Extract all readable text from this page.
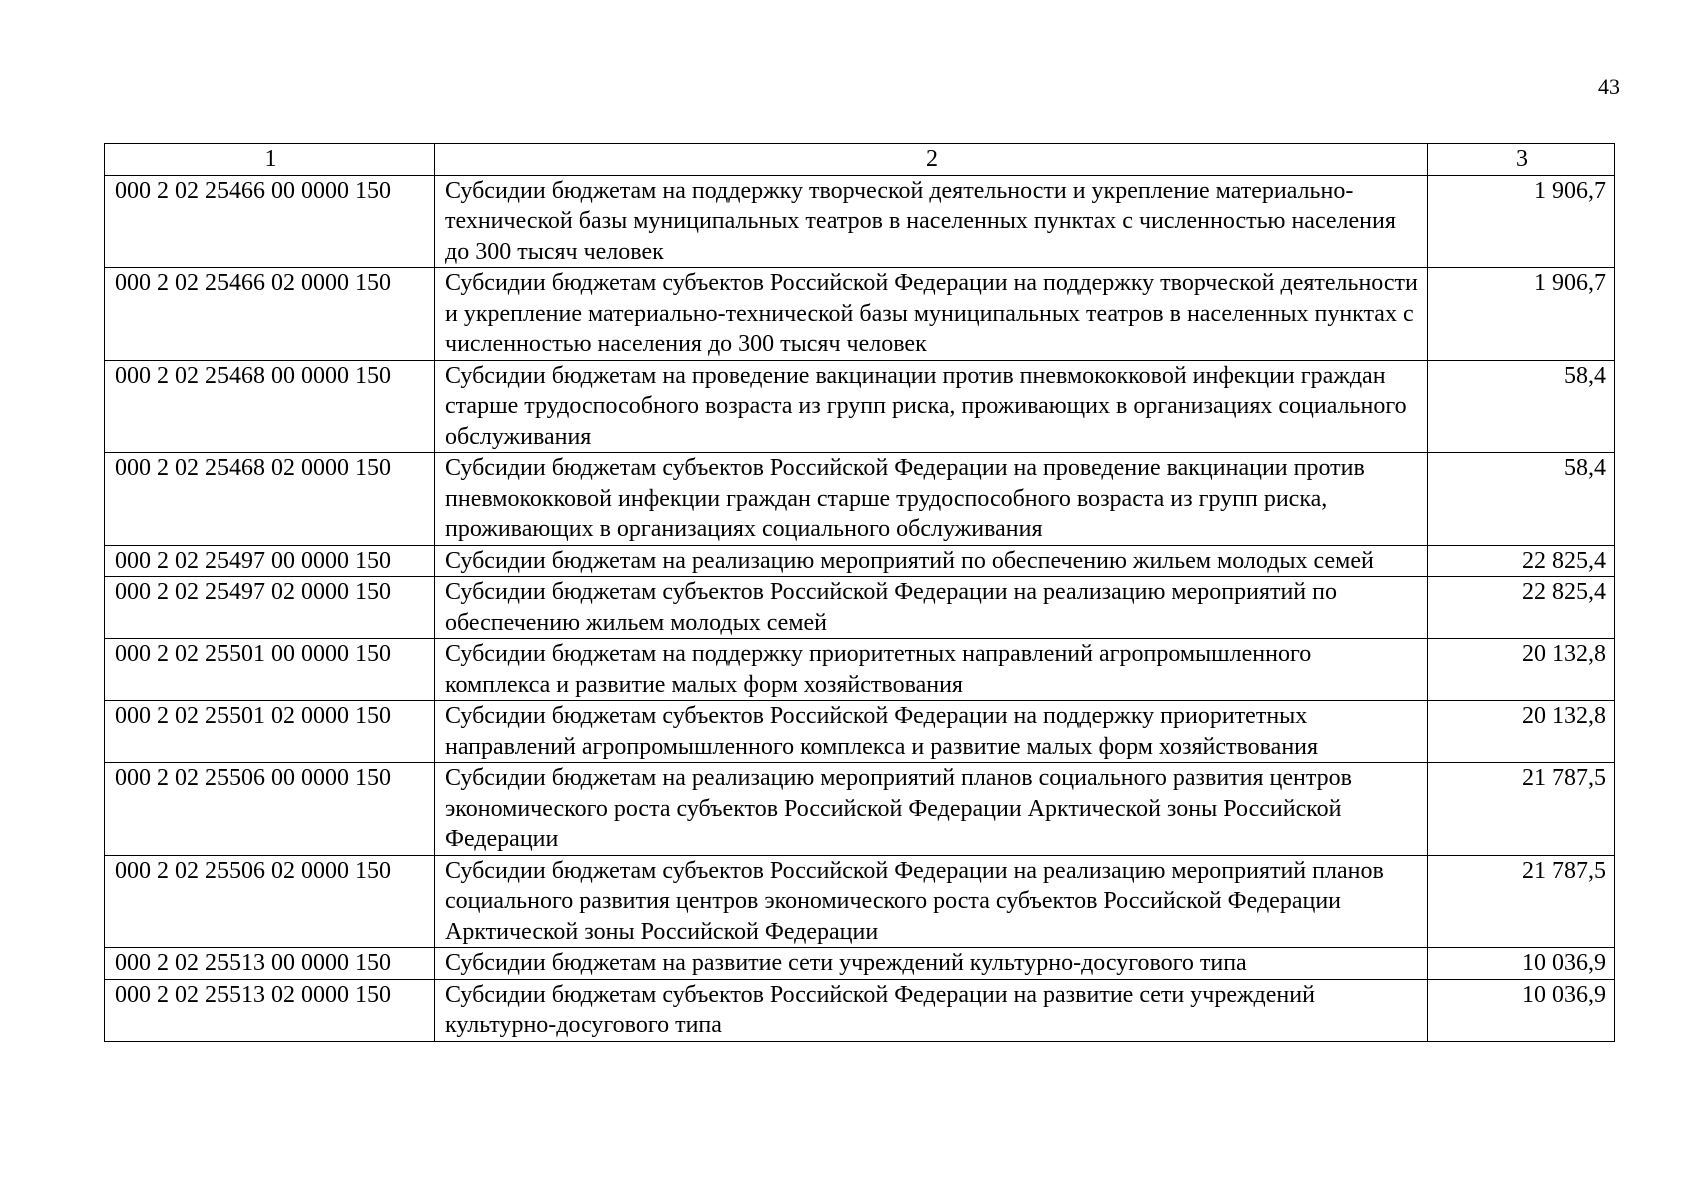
43
1	2	3
000 2 02 25466 00 0000 150	Субсидии бюджетам на поддержку творческой деятельности и укрепление материально-технической базы муниципальных театров в населенных пунктах с численностью населения до 300 тысяч человек	1 906,7
000 2 02 25466 02 0000 150	Субсидии бюджетам субъектов Российской Федерации на поддержку творческой деятельности и укрепление материально-технической базы муниципальных театров в населенных пунктах с численностью населения до 300 тысяч человек	1 906,7
000 2 02 25468 00 0000 150	Субсидии бюджетам на проведение вакцинации против пневмококковой инфекции граждан старше трудоспособного возраста из групп риска, проживающих в организациях социального обслуживания	58,4
000 2 02 25468 02 0000 150	Субсидии бюджетам субъектов Российской Федерации на проведение вакцинации против пневмококковой инфекции граждан старше трудоспособного возраста из групп риска, проживающих в организациях социального обслуживания	58,4
000 2 02 25497 00 0000 150	Субсидии бюджетам на реализацию мероприятий по обеспечению жильем молодых семей	22 825,4
000 2 02 25497 02 0000 150	Субсидии бюджетам субъектов Российской Федерации на реализацию мероприятий по обеспечению жильем молодых семей	22 825,4
000 2 02 25501 00 0000 150	Субсидии бюджетам на поддержку приоритетных направлений агропромышленного комплекса и развитие малых форм хозяйствования	20 132,8
000 2 02 25501 02 0000 150	Субсидии бюджетам субъектов Российской Федерации на поддержку приоритетных направлений агропромышленного комплекса и развитие малых форм хозяйствования	20 132,8
000 2 02 25506 00 0000 150	Субсидии бюджетам на реализацию мероприятий планов социального развития центров экономического роста субъектов Российской Федерации Арктической зоны Российской Федерации	21 787,5
000 2 02 25506 02 0000 150	Субсидии бюджетам субъектов Российской Федерации на реализацию мероприятий планов социального развития центров экономического роста субъектов Российской Федерации Арктической зоны Российской Федерации	21 787,5
000 2 02 25513 00 0000 150	Субсидии бюджетам на развитие сети учреждений культурно-досугового типа	10 036,9
000 2 02 25513 02 0000 150	Субсидии бюджетам субъектов Российской Федерации на развитие сети учреждений культурно-досугового типа	10 036,9
